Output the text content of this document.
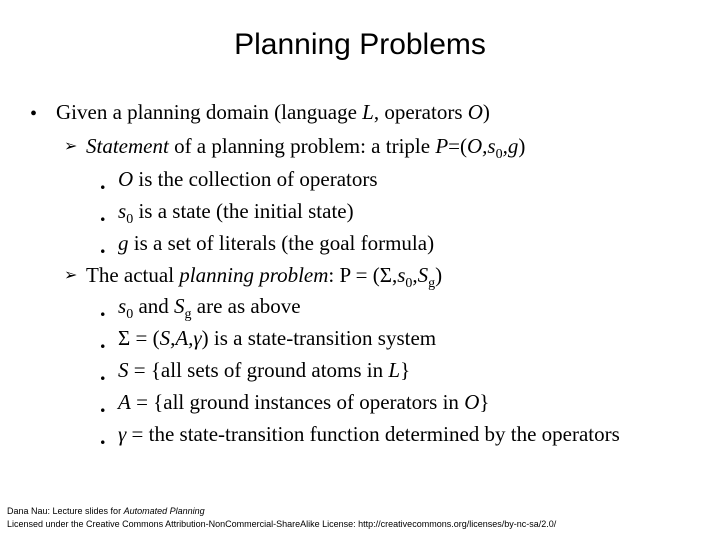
Planning Problems
• Given a planning domain (language L, operators O)
➢ Statement of a planning problem: a triple $P=(O,s_0,g)$
. O is the collection of operators
. $s_0$ is a state (the initial state)
. g is a set of literals (the goal formula)
➢ The actual planning problem: $P = (\Sigma,s_0,S_g)$
. $s_0$ and $S_g$ are as above
. Σ = (S,A,γ) is a state-transition system
. S = {all sets of ground atoms in L}
. A = {all ground instances of operators in O}
. γ = the state-transition function determined by the operators
Dana Nau: Lecture slides for Automated Planning
Licensed under the Creative Commons Attribution-NonCommercial-ShareAlike License: http://creativecommons.org/licenses/by-nc-sa/2.0/
